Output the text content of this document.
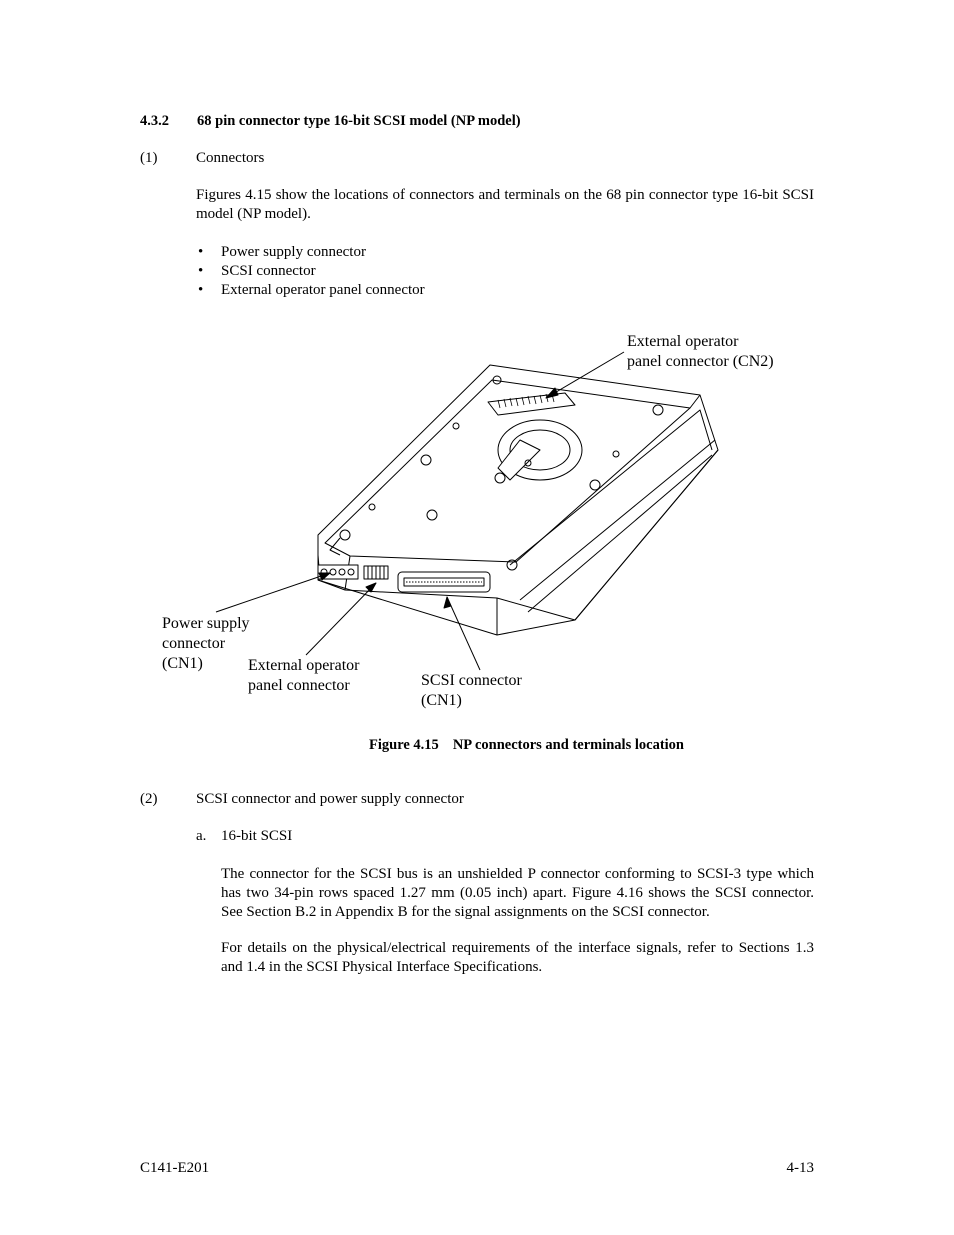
4.3.2 68 pin connector type 16-bit SCSI model (NP model)
(1)	Connectors
Figures 4.15 show the locations of connectors and terminals on the 68 pin connector type 16-bit SCSI model (NP model).
• Power supply connector
• SCSI connector
• External operator panel connector
External operator
panel connector (CN2)
Power supply
connector
(CN1)	External operator
panel connector	SCSI connector
(CN1)
Figure 4.15 NP connectors and terminals location
(2)	SCSI connector and power supply connector
a. 16-bit SCSI
The connector for the SCSI bus is an unshielded P connector conforming to SCSI-3 type which has two 34-pin rows spaced 1.27 mm (0.05 inch) apart. Figure 4.16 shows the SCSI connector. See Section B.2 in Appendix B for the signal assignments on the SCSI connector.
For details on the physical/electrical requirements of the interface signals, refer to Sections 1.3 and 1.4 in the SCSI Physical Interface Specifications.
C141-E201	4-13
